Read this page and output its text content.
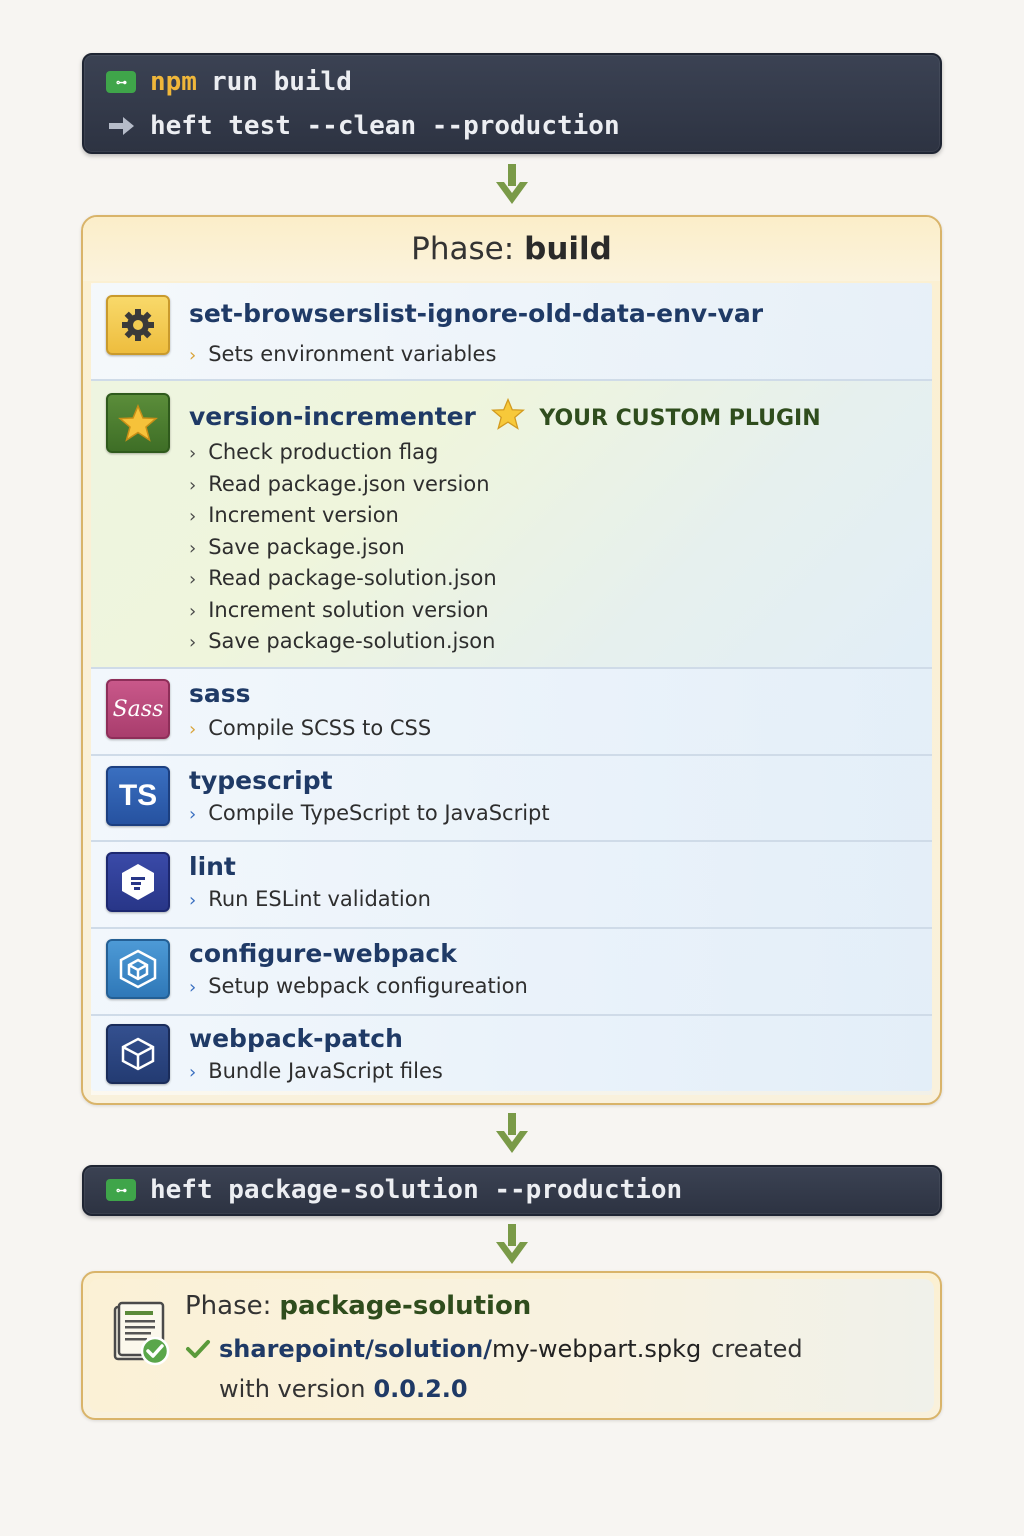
⊶ npm run build
heft test --clean --production
Phase: build
set-browserslist-ignore-old-data-env-var
› Sets environment variables
version-incrementer	YOUR CUSTOM PLUGIN
› Check production flag
› Read package.json version
› Increment version
› Save package.json
› Read package-solution.json
› Increment solution version
› Save package-solution.json
Sass
sass
› Compile SCSS to CSS
TS typescript
› Compile TypeScript to JavaScript
lint
› Run ESLint validation
configure-webpack
› Setup webpack configureation
webpack-patch
› Bundle JavaScript files
⊶ heft package-solution --production
Phase: package-solution
sharepoint/solution/my-webpart.spkg created
with version 0.0.2.0
